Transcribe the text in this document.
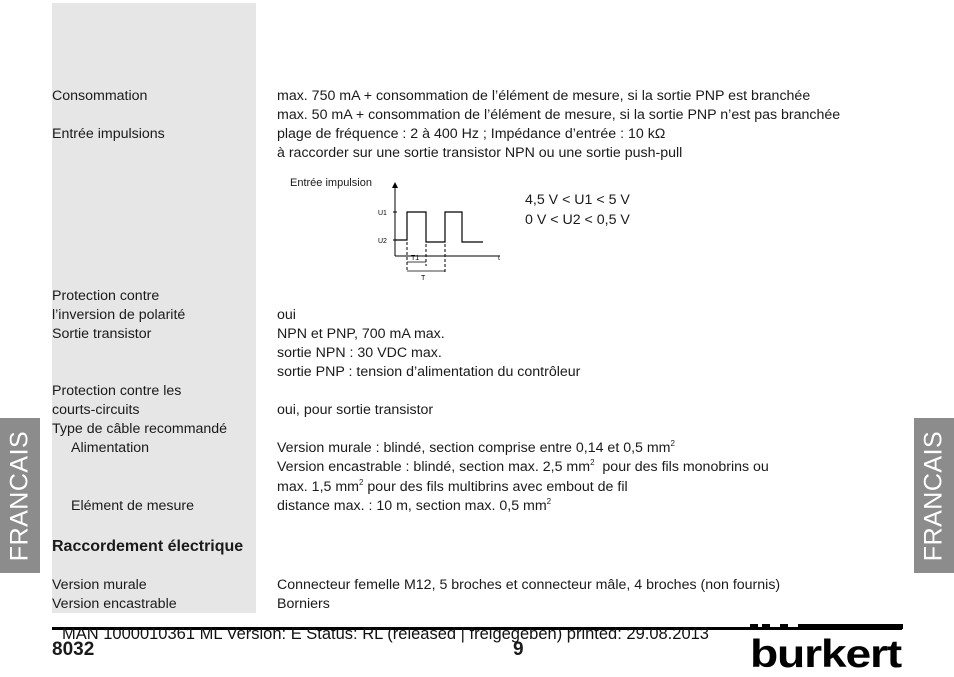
FRANCAIS	FRANCAIS
Consommation	max. 750 mA + consommation de l’élément de mesure, si la sortie PNP est branchée
max. 50 mA + consommation de l’élément de mesure, si la sortie PNP n’est pas branchée
Entrée impulsions	plage de fréquence : 2 à 400 Hz ; Impédance d’entrée : 10 kΩ
à raccorder sur une sortie transistor NPN ou une sortie push-pull
Entrée impulsion
U1
U2
t
T1
T
4,5 V < U1 < 5 V
0 V < U2 < 0,5 V
Protection contre
l’inversion de polarité	oui
Sortie transistor	NPN et PNP, 700 mA max.
sortie NPN : 30 VDC max.
sortie PNP : tension d’alimentation du contrôleur
Protection contre les
courts-circuits	oui, pour sortie transistor
Type de câble recommandé
Alimentation	Version murale : blindé, section comprise entre 0,14 et 0,5 $mm^2$
Version encastrable : blindé, section max. 2,5 $mm^2$  pour des fils monobrins ou
max. 1,5 $mm^2$ pour des fils multibrins avec embout de fil
Elément de mesure	distance max. : 10 m, section max. 0,5 $mm^2$
Raccordement électrique
Version murale	Connecteur femelle M12, 5 broches et connecteur mâle, 4 broches (non fournis)
Version encastrable	Borniers
MAN 1000010361 ML Version: E Status: RL (released | freigegeben) printed: 29.08.2013
8032	9	burkert
